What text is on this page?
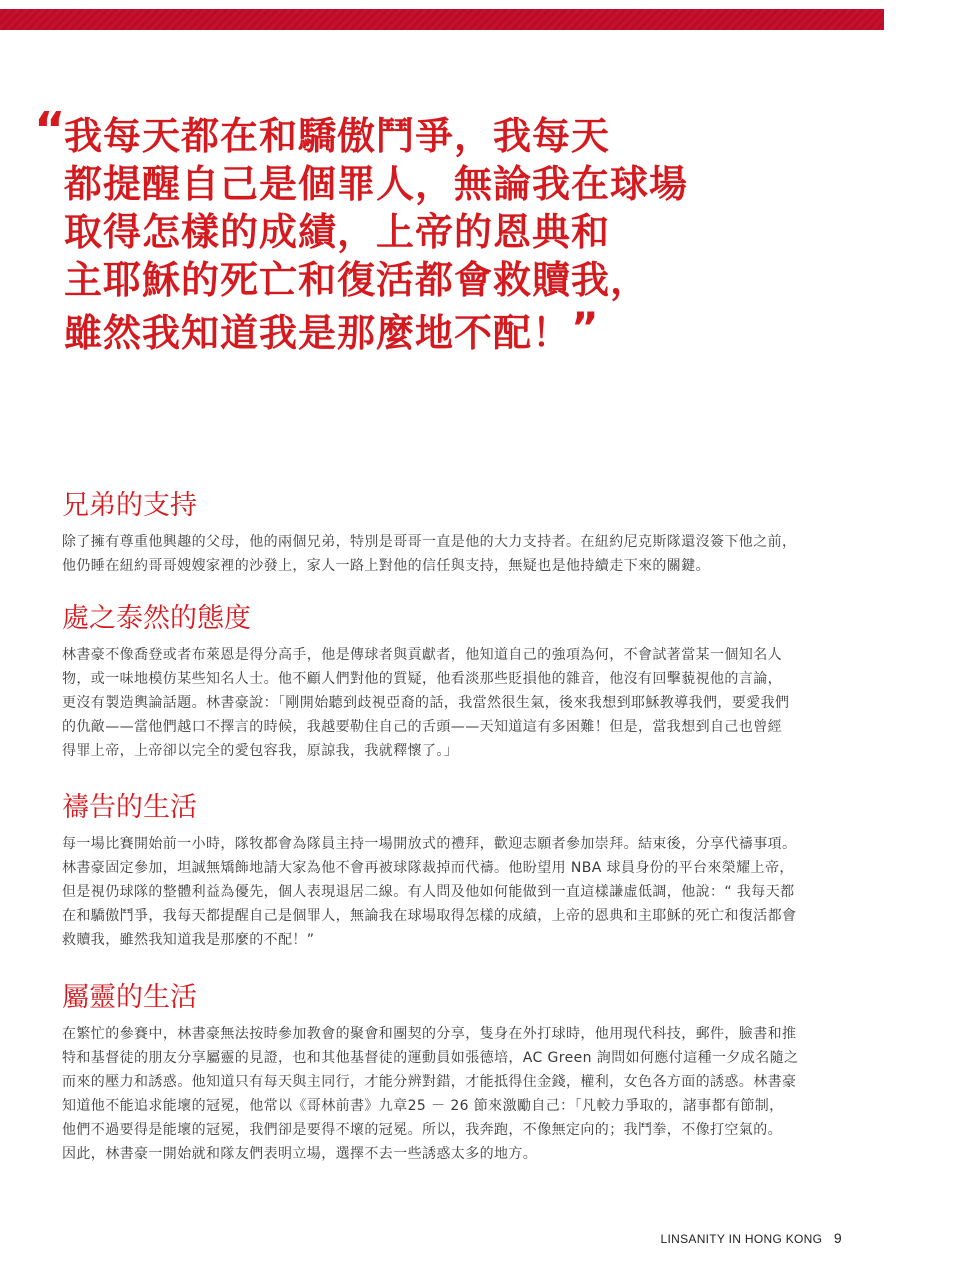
“
我每天都在和驕傲鬥爭，我每天
都提醒自己是個罪人，無論我在球場
取得怎樣的成績，上帝的恩典和
主耶穌的死亡和復活都會救贖我，
雖然我知道我是那麼地不配！”
兄弟的支持

除了擁有尊重他興趣的父母，他的兩個兄弟，特別是哥哥一直是他的大力支持者。在紐約尼克斯隊還沒簽下他之前，
他仍睡在紐約哥哥嫂嫂家裡的沙發上，家人一路上對他的信任與支持，無疑也是他持續走下來的關鍵。

處之泰然的態度

林書豪不像喬登或者布萊恩是得分高手，他是傳球者與貢獻者，他知道自己的強項為何，不會試著當某一個知名人
物，或一味地模仿某些知名人士。他不顧人們對他的質疑，他看淡那些貶損他的雜音，他沒有回擊藐視他的言論，
更沒有製造輿論話題。林書豪說：「剛開始聽到歧視亞裔的話，我當然很生氣，後來我想到耶穌教導我們，要愛我們
的仇敵——當他們越口不擇言的時候，我越要勒住自己的舌頭——天知道這有多困難！但是，當我想到自己也曾經
得罪上帝，上帝卻以完全的愛包容我，原諒我，我就釋懷了。」

禱告的生活

每一場比賽開始前一小時，隊牧都會為隊員主持一場開放式的禮拜，歡迎志願者參加崇拜。結束後，分享代禱事項。
林書豪固定參加，坦誠無矯飾地請大家為他不會再被球隊裁掉而代禱。他盼望用 NBA 球員身份的平台來榮耀上帝，
但是視仍球隊的整體利益為優先，個人表現退居二線。有人問及他如何能做到一直這樣謙虛低調，他說：“ 我每天都
在和驕傲鬥爭，我每天都提醒自己是個罪人，無論我在球場取得怎樣的成績，上帝的恩典和主耶穌的死亡和復活都會
救贖我，雖然我知道我是那麼的不配！”

屬靈的生活

在繁忙的參賽中，林書豪無法按時參加教會的聚會和團契的分享，隻身在外打球時，他用現代科技，郵件，臉書和推
特和基督徒的朋友分享屬靈的見證，也和其他基督徒的運動員如張德培，AC Green 詢問如何應付這種一夕成名隨之
而來的壓力和誘惑。他知道只有每天與主同行，才能分辨對錯，才能抵得住金錢，權利，女色各方面的誘惑。林書豪
知道他不能追求能壞的冠冕，他常以《哥林前書》九章25 － 26 節來激勵自己：「凡較力爭取的，諸事都有節制，
他們不過要得是能壞的冠冕，我們卻是要得不壞的冠冕。所以，我奔跑，不像無定向的；我鬥拳，不像打空氣的。
因此，林書豪一開始就和隊友們表明立場，選擇不去一些誘惑太多的地方。

LINSANITY IN HONG KONG 9
